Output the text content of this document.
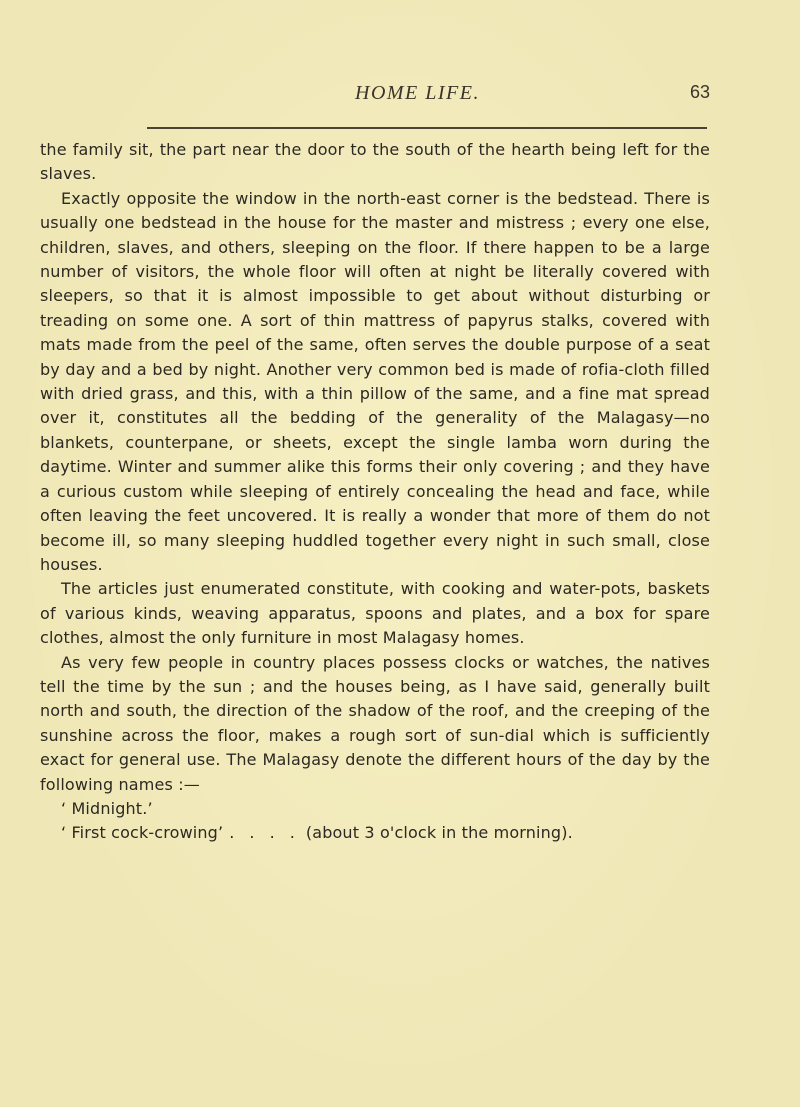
HOME LIFE.	63

the family sit, the part near the door to the south of the hearth being left for the slaves.

Exactly opposite the window in the north-east corner is the bedstead. There is usually one bedstead in the house for the master and mistress ; every one else, children, slaves, and others, sleeping on the floor. If there happen to be a large number of visitors, the whole floor will often at night be literally covered with sleepers, so that it is almost impossible to get about without disturbing or treading on some one. A sort of thin mattress of papyrus stalks, covered with mats made from the peel of the same, often serves the double purpose of a seat by day and a bed by night. Another very common bed is made of rofia-cloth filled with dried grass, and this, with a thin pillow of the same, and a fine mat spread over it, constitutes all the bedding of the generality of the Malagasy—no blankets, counterpane, or sheets, except the single lamba worn during the daytime. Winter and summer alike this forms their only covering ; and they have a curious custom while sleeping of entirely concealing the head and face, while often leaving the feet uncovered. It is really a wonder that more of them do not become ill, so many sleeping huddled together every night in such small, close houses.

The articles just enumerated constitute, with cooking and water-pots, baskets of various kinds, weaving apparatus, spoons and plates, and a box for spare clothes, almost the only furniture in most Malagasy homes.

As very few people in country places possess clocks or watches, the natives tell the time by the sun ; and the houses being, as I have said, generally built north and south, the direction of the shadow of the roof, and the creeping of the sunshine across the floor, makes a rough sort of sun-dial which is sufficiently exact for general use. The Malagasy denote the different hours of the day by the following names :—

‘ Midnight.’
‘ First cock-crowing’ . . . . (about 3 o'clock in the morning).
